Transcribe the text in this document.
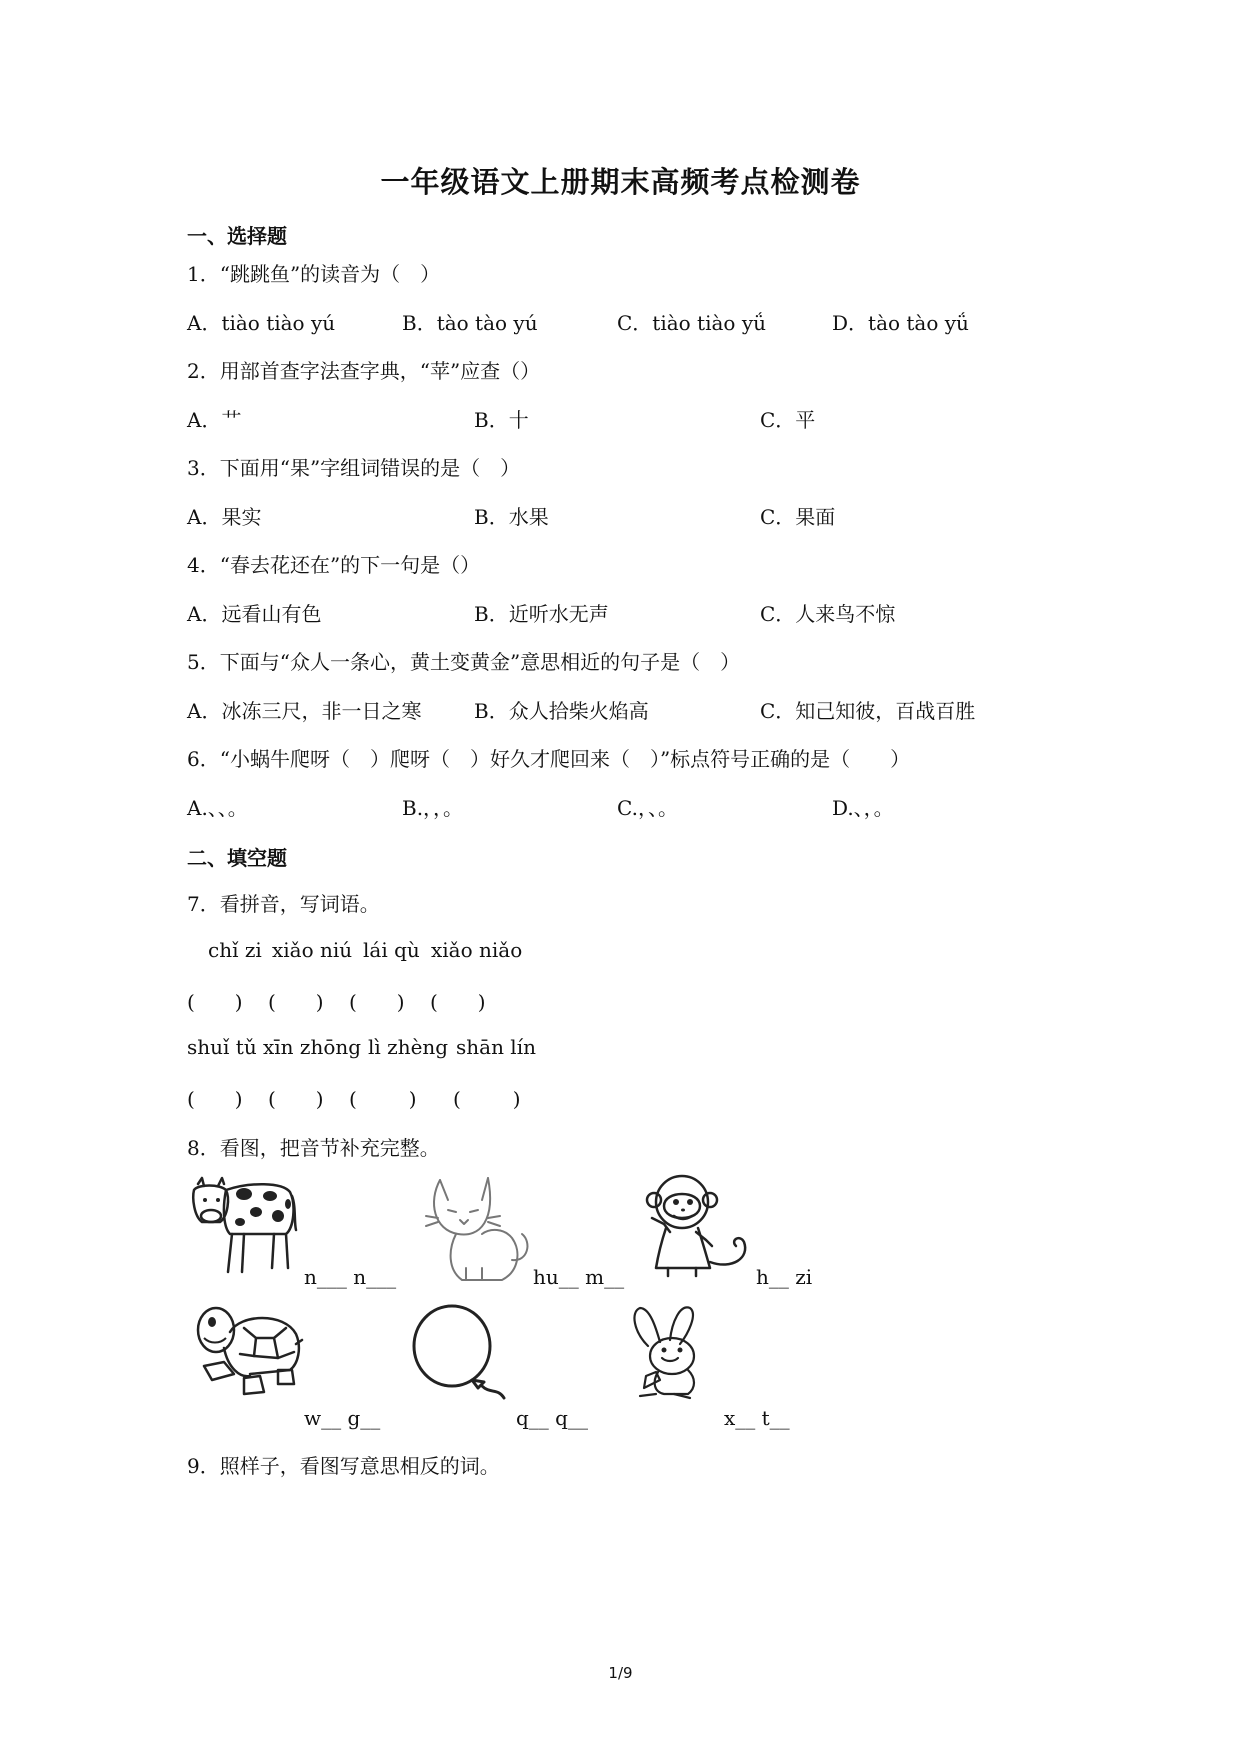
一年级语文上册期末高频考点检测卷
一、选择题
1．“跳跳鱼”的读音为（　）
A．tiào tiào yú	B．tào tào yú	C．tiào tiào yǘ	D．tào tào yǘ
2．用部首查字法查字典，“苹”应查（）
A．艹	B．十	C．平
3．下面用“果”字组词错误的是（　）
A．果实	B．水果	C．果面
4．“春去花还在”的下一句是（）
A．远看山有色	B．近听水无声	C．人来鸟不惊
5．下面与“众人一条心，黄土变黄金”意思相近的句子是（　）
A．冰冻三尺，非一日之寒	B．众人拾柴火焰高	C．知己知彼，百战百胜
6．“小蜗牛爬呀（　）爬呀（　）好久才爬回来（　）”标点符号正确的是（　　）
A.、、。	B.，，。	C.，、。	D.、，。
二、填空题
7．看拼音，写词语。
chǐ zi xiǎo niú lái qù xiǎo niǎo
(　　) (　　) (　　) (　　)
shuǐ tǔ xīn zhōng lì zhèng shān lín
(　　) (　　) (　　) (　　)
8．看图，把音节补充完整。
n___ n___	hu__ m__	h__ zi
w__ g__	q__ q__	x__ t__
9．照样子，看图写意思相反的词。
1/9
